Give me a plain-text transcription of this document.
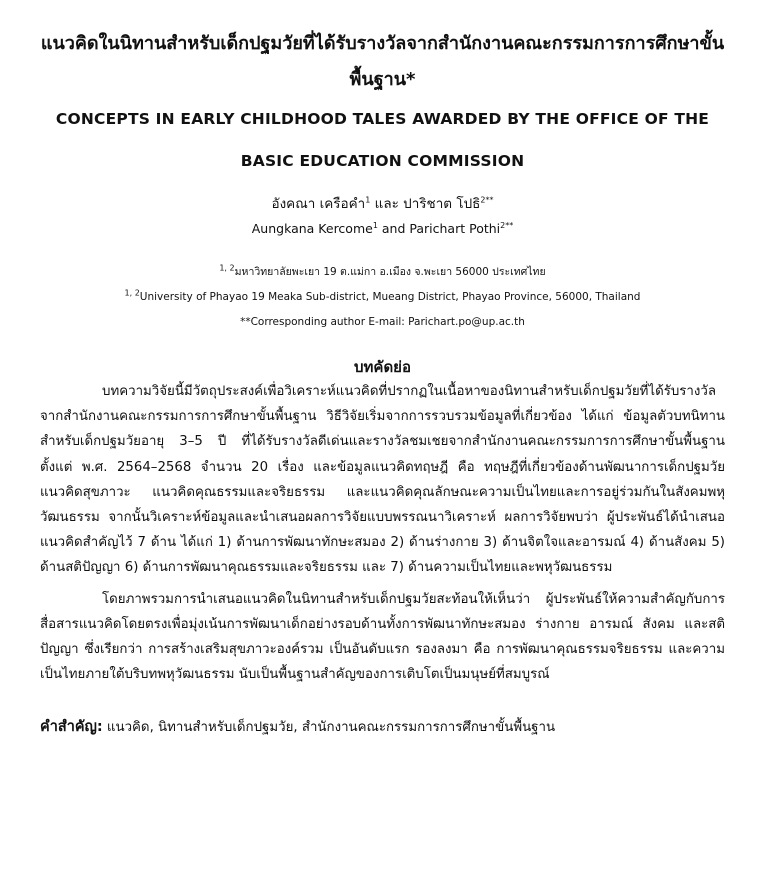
แนวคิดในนิทานสำหรับเด็กปฐมวัยที่ได้รับรางวัลจากสำนักงานคณะกรรมการการศึกษาขั้นพื้นฐาน*
CONCEPTS IN EARLY CHILDHOOD TALES AWARDED BY THE OFFICE OF THE
BASIC EDUCATION COMMISSION
อังคณา เครือคำ$^1$ และ ปาริชาต โปธิ$^{2**}$
Aungkana Kercome$^1$ and Parichart Pothi$^{2**}$
$^{1, 2}$มหาวิทยาลัยพะเยา 19 ต.แม่กา อ.เมือง จ.พะเยา 56000 ประเทศไทย
$^{1, 2}$University of Phayao 19 Meaka Sub-district, Mueang District, Phayao Province, 56000, Thailand
**Corresponding author E-mail: Parichart.po@up.ac.th
บทคัดย่อ

บทความวิจัยนี้มีวัตถุประสงค์เพื่อวิเคราะห์แนวคิดที่ปรากฏในเนื้อหาของนิทานสำหรับเด็กปฐมวัยที่ได้รับรางวัลจากสำนักงานคณะกรรมการการศึกษาขั้นพื้นฐาน วิธีวิจัยเริ่มจากการรวบรวมข้อมูลที่เกี่ยวข้อง ได้แก่ ข้อมูลตัวบทนิทานสำหรับเด็กปฐมวัยอายุ 3–5 ปี ที่ได้รับรางวัลดีเด่นและรางวัลชมเชยจากสำนักงานคณะกรรมการการศึกษาขั้นพื้นฐาน ตั้งแต่ พ.ศ. 2564–2568 จำนวน 20 เรื่อง และข้อมูลแนวคิดทฤษฎี คือ ทฤษฎีที่เกี่ยวข้องด้านพัฒนาการเด็กปฐมวัย แนวคิดสุขภาวะ แนวคิดคุณธรรมและจริยธรรม และแนวคิดคุณลักษณะความเป็นไทยและการอยู่ร่วมกันในสังคมพหุวัฒนธรรม จากนั้นวิเคราะห์ข้อมูลและนำเสนอผลการวิจัยแบบพรรณนาวิเคราะห์ ผลการวิจัยพบว่า ผู้ประพันธ์ได้นำเสนอแนวคิดสำคัญไว้ 7 ด้าน ได้แก่ 1) ด้านการพัฒนาทักษะสมอง 2) ด้านร่างกาย 3) ด้านจิตใจและอารมณ์ 4) ด้านสังคม 5) ด้านสติปัญญา 6) ด้านการพัฒนาคุณธรรมและจริยธรรม และ 7) ด้านความเป็นไทยและพหุวัฒนธรรม

โดยภาพรวมการนำเสนอแนวคิดในนิทานสำหรับเด็กปฐมวัยสะท้อนให้เห็นว่า ผู้ประพันธ์ให้ความสำคัญกับการสื่อสารแนวคิดโดยตรงเพื่อมุ่งเน้นการพัฒนาเด็กอย่างรอบด้านทั้งการพัฒนาทักษะสมอง ร่างกาย อารมณ์ สังคม และสติปัญญา ซึ่งเรียกว่า การสร้างเสริมสุขภาวะองค์รวม เป็นอันดับแรก รองลงมา คือ การพัฒนาคุณธรรมจริยธรรม และความเป็นไทยภายใต้บริบทพหุวัฒนธรรม นับเป็นพื้นฐานสำคัญของการเติบโตเป็นมนุษย์ที่สมบูรณ์

คำสำคัญ: แนวคิด, นิทานสำหรับเด็กปฐมวัย, สำนักงานคณะกรรมการการศึกษาขั้นพื้นฐาน
